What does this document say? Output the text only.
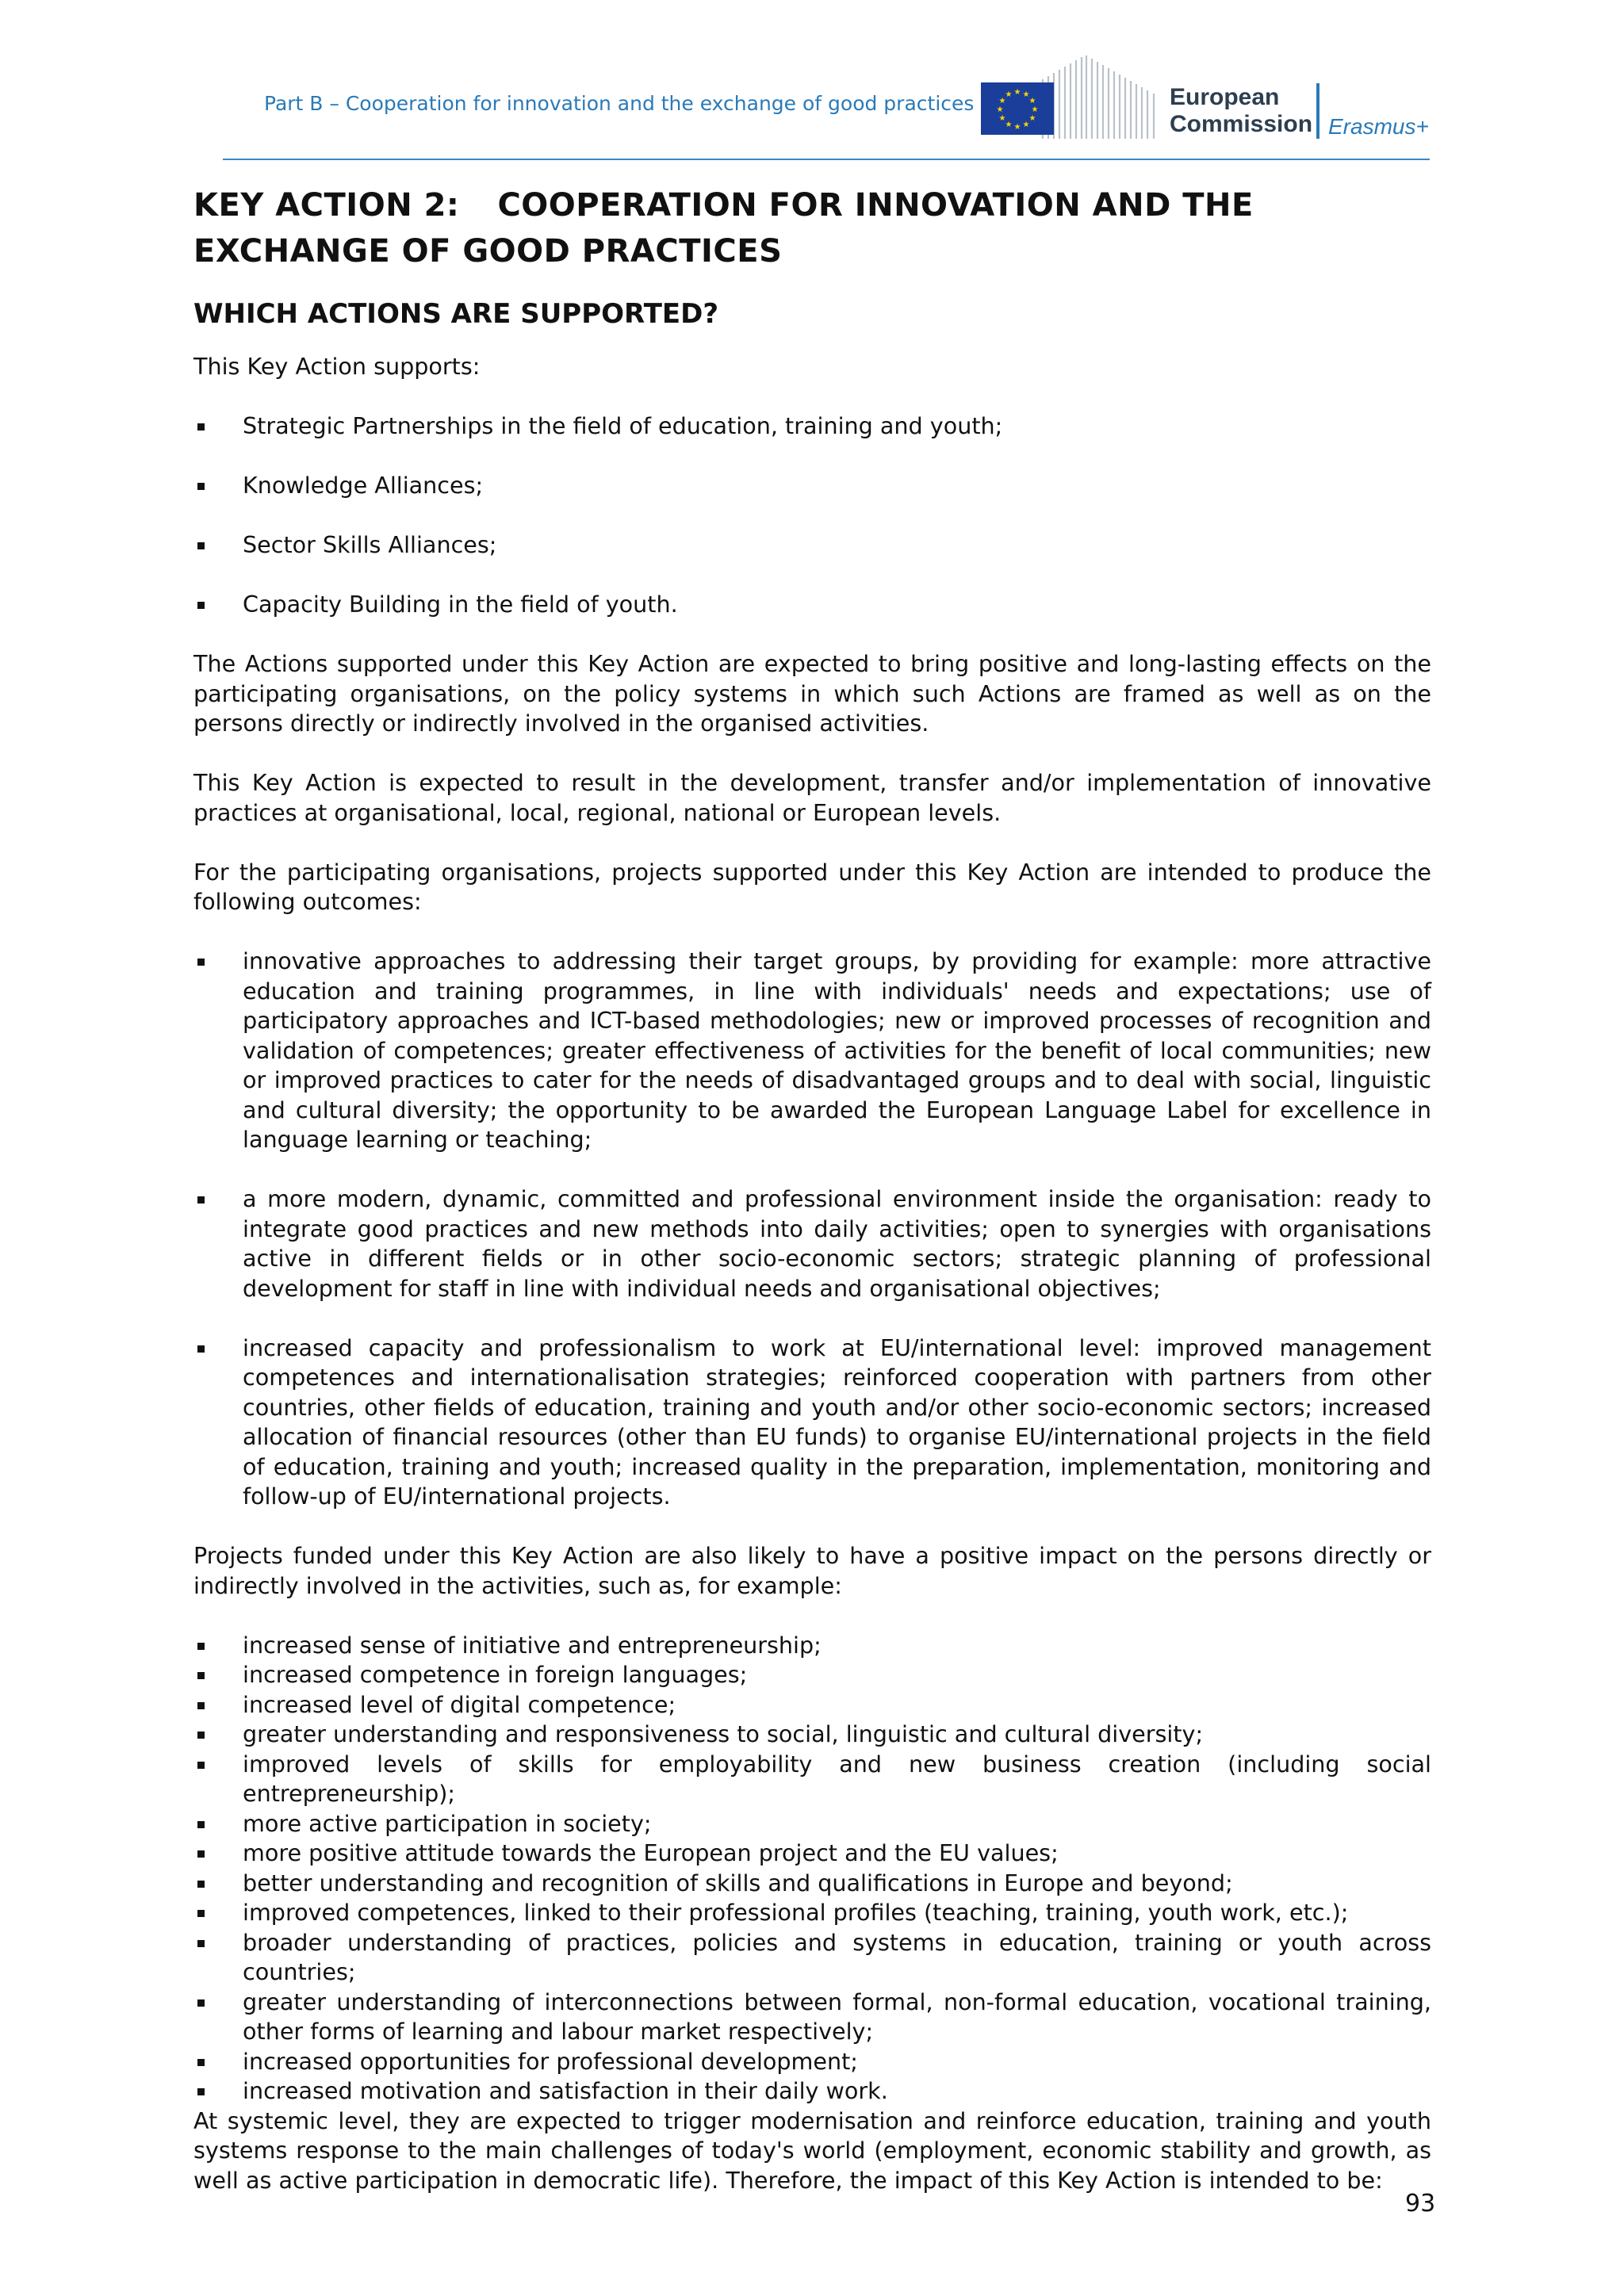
Part B – Cooperation for innovation and the exchange of good practices	★ ★
★
★
★
★
★
★
★
★
★
★	European
Commission Erasmus+
KEY ACTION 2: COOPERATION FOR INNOVATION AND THE EXCHANGE OF GOOD PRACTICES
WHICH ACTIONS ARE SUPPORTED?

This Key Action supports:

Strategic Partnerships in the field of education, training and youth;
Knowledge Alliances;
Sector Skills Alliances;
Capacity Building in the field of youth.

The Actions supported under this Key Action are expected to bring positive and long-lasting effects on the participating organisations, on the policy systems in which such Actions are framed as well as on the persons directly or indirectly involved in the organised activities.

This Key Action is expected to result in the development, transfer and/or implementation of innovative practices at organisational, local, regional, national or European levels.

For the participating organisations, projects supported under this Key Action are intended to produce the following outcomes:

innovative approaches to addressing their target groups, by providing for example: more attractive education and training programmes, in line with individuals' needs and expectations; use of participatory approaches and ICT-based methodologies; new or improved processes of recognition and validation of competences; greater effectiveness of activities for the benefit of local communities; new or improved practices to cater for the needs of disadvantaged groups and to deal with social, linguistic and cultural diversity; the opportunity to be awarded the European Language Label for excellence in language learning or teaching;
a more modern, dynamic, committed and professional environment inside the organisation: ready to integrate good practices and new methods into daily activities; open to synergies with organisations active in different fields or in other socio-economic sectors; strategic planning of professional development for staff in line with individual needs and organisational objectives;
increased capacity and professionalism to work at EU/international level: improved management competences and internationalisation strategies; reinforced cooperation with partners from other countries, other fields of education, training and youth and/or other socio-economic sectors; increased allocation of financial resources (other than EU funds) to organise EU/international projects in the field of education, training and youth; increased quality in the preparation, implementation, monitoring and follow-up of EU/international projects.

Projects funded under this Key Action are also likely to have a positive impact on the persons directly or indirectly involved in the activities, such as, for example:

increased sense of initiative and entrepreneurship;
increased competence in foreign languages;
increased level of digital competence;
greater understanding and responsiveness to social, linguistic and cultural diversity;
improved levels of skills for employability and new business creation (including social entrepreneurship);
more active participation in society;
more positive attitude towards the European project and the EU values;
better understanding and recognition of skills and qualifications in Europe and beyond;
improved competences, linked to their professional profiles (teaching, training, youth work, etc.);
broader understanding of practices, policies and systems in education, training or youth across countries;
greater understanding of interconnections between formal, non-formal education, vocational training, other forms of learning and labour market respectively;
increased opportunities for professional development;
increased motivation and satisfaction in their daily work.

At systemic level, they are expected to trigger modernisation and reinforce education, training and youth systems response to the main challenges of today's world (employment, economic stability and growth, as well as active participation in democratic life). Therefore, the impact of this Key Action is intended to be:

93
